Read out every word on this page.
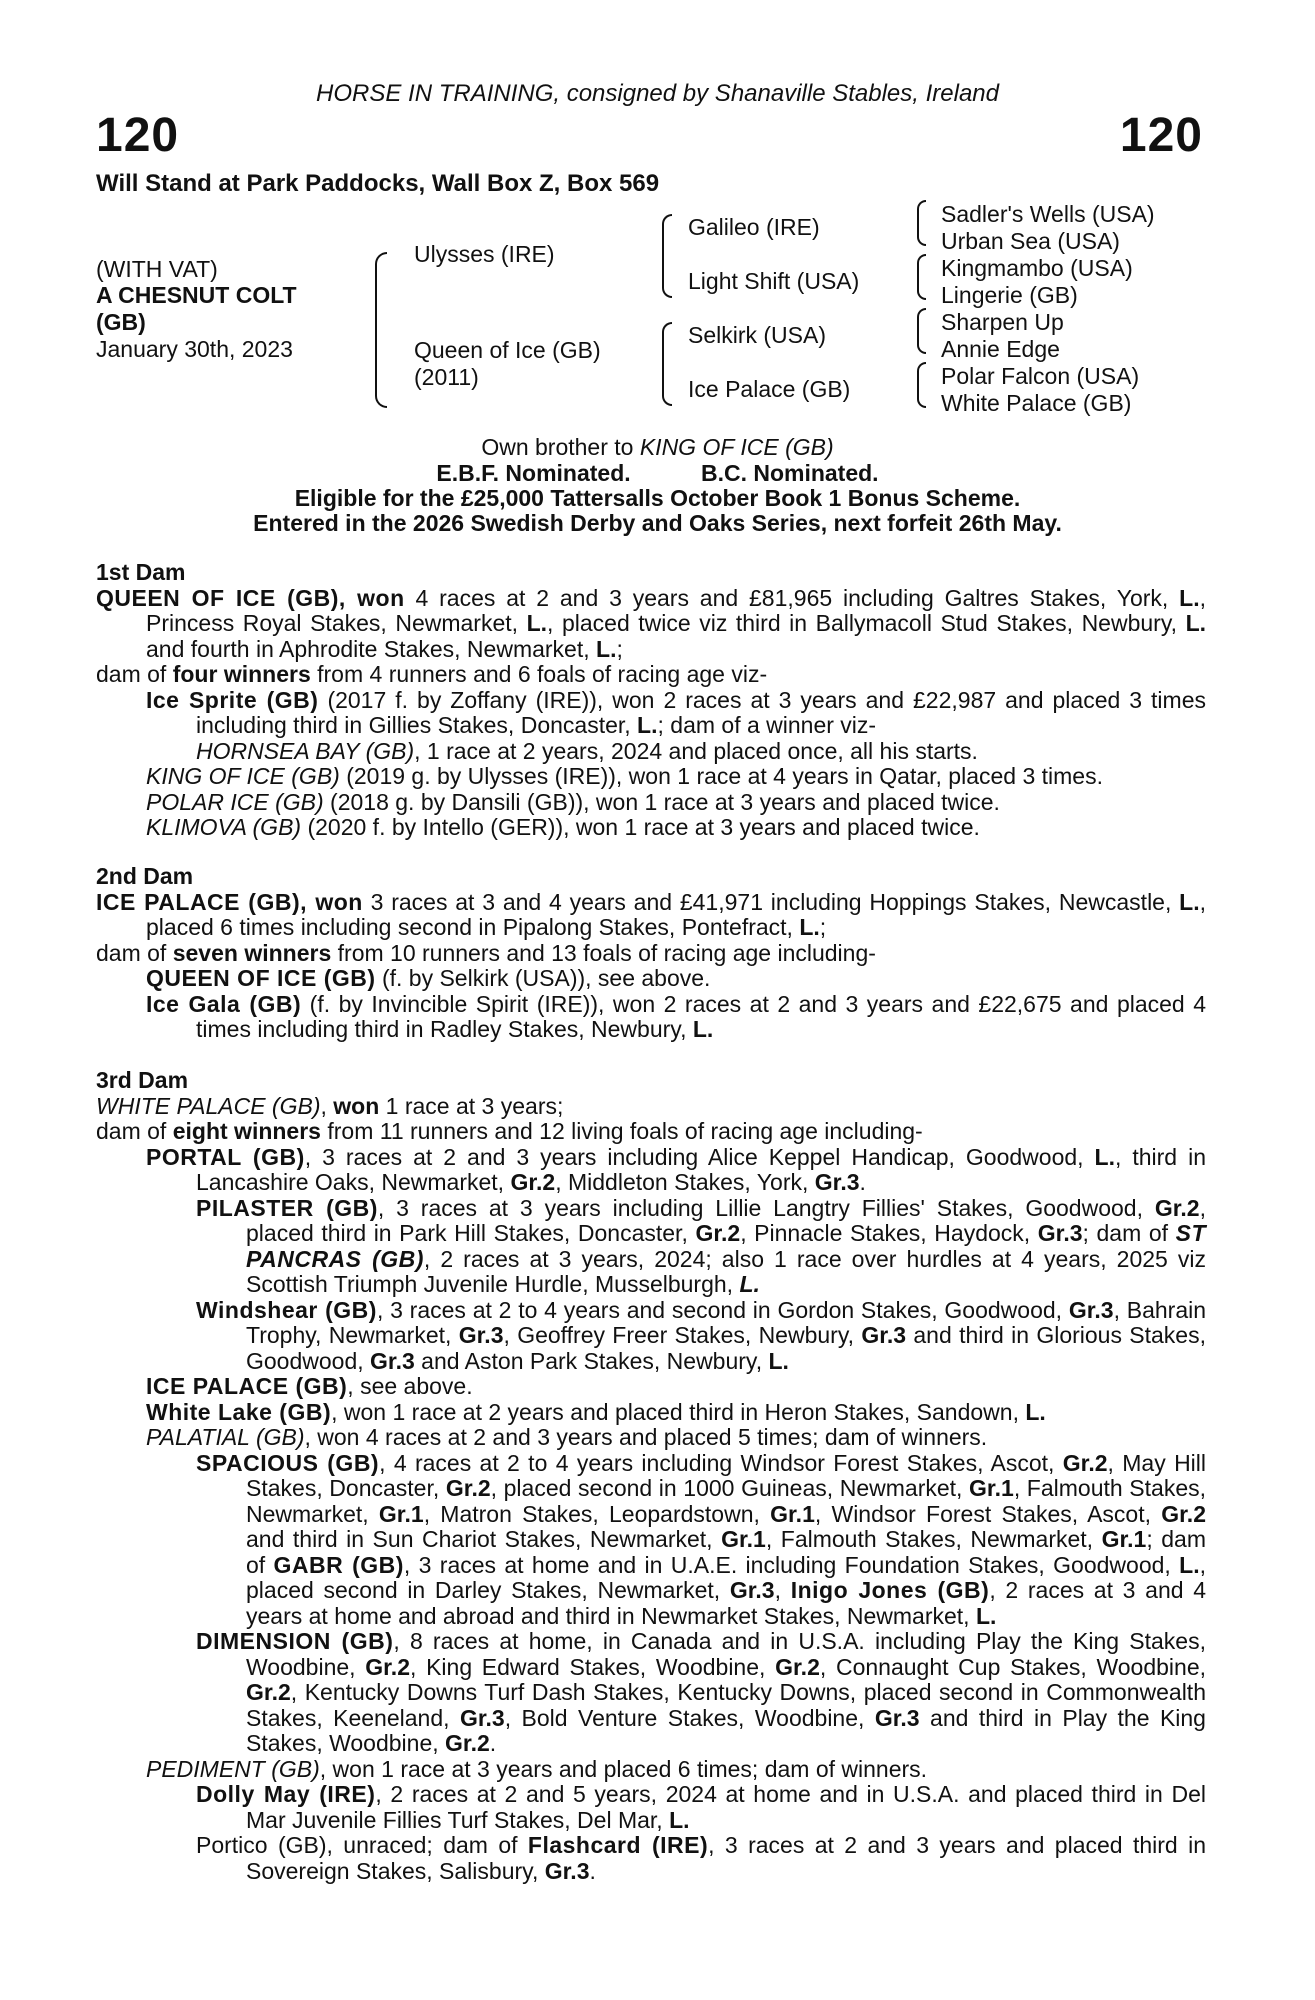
HORSE IN TRAINING, consigned by Shanaville Stables, Ireland
120	120
Will Stand at Park Paddocks, Wall Box Z, Box 569
(WITH VAT)
A CHESNUT COLT
(GB)
January 30th, 2023
Ulysses (IRE)
Queen of Ice (GB)
(2011)
Galileo (IRE)
Light Shift (USA)
Selkirk (USA)
Ice Palace (GB)
Sadler's Wells (USA)
Urban Sea (USA)
Kingmambo (USA)
Lingerie (GB)
Sharpen Up
Annie Edge
Polar Falcon (USA)
White Palace (GB)
Own brother to KING OF ICE (GB)
E.B.F. Nominated.	B.C. Nominated.
Eligible for the £25,000 Tattersalls October Book 1 Bonus Scheme.
Entered in the 2026 Swedish Derby and Oaks Series, next forfeit 26th May.

1st Dam

QUEEN OF ICE (GB), won 4 races at 2 and 3 years and £81,965 including Galtres Stakes, York, L., Princess Royal Stakes, Newmarket, L., placed twice viz third in Ballymacoll Stud Stakes, Newbury, L. and fourth in Aphrodite Stakes, Newmarket, L.;

dam of four winners from 4 runners and 6 foals of racing age viz-

Ice Sprite (GB) (2017 f. by Zoffany (IRE)), won 2 races at 3 years and £22,987 and placed 3 times including third in Gillies Stakes, Doncaster, L.; dam of a winner viz-

HORNSEA BAY (GB), 1 race at 2 years, 2024 and placed once, all his starts.

KING OF ICE (GB) (2019 g. by Ulysses (IRE)), won 1 race at 4 years in Qatar, placed 3 times.

POLAR ICE (GB) (2018 g. by Dansili (GB)), won 1 race at 3 years and placed twice.

KLIMOVA (GB) (2020 f. by Intello (GER)), won 1 race at 3 years and placed twice.

2nd Dam

ICE PALACE (GB), won 3 races at 3 and 4 years and £41,971 including Hoppings Stakes, Newcastle, L., placed 6 times including second in Pipalong Stakes, Pontefract, L.;

dam of seven winners from 10 runners and 13 foals of racing age including-

QUEEN OF ICE (GB) (f. by Selkirk (USA)), see above.

Ice Gala (GB) (f. by Invincible Spirit (IRE)), won 2 races at 2 and 3 years and £22,675 and placed 4 times including third in Radley Stakes, Newbury, L.

3rd Dam

WHITE PALACE (GB), won 1 race at 3 years;

dam of eight winners from 11 runners and 12 living foals of racing age including-

PORTAL (GB), 3 races at 2 and 3 years including Alice Keppel Handicap, Goodwood, L., third in Lancashire Oaks, Newmarket, Gr.2, Middleton Stakes, York, Gr.3.

PILASTER (GB), 3 races at 3 years including Lillie Langtry Fillies' Stakes, Goodwood, Gr.2, placed third in Park Hill Stakes, Doncaster, Gr.2, Pinnacle Stakes, Haydock, Gr.3; dam of ST PANCRAS (GB), 2 races at 3 years, 2024; also 1 race over hurdles at 4 years, 2025 viz Scottish Triumph Juvenile Hurdle, Musselburgh, L.

Windshear (GB), 3 races at 2 to 4 years and second in Gordon Stakes, Goodwood, Gr.3, Bahrain Trophy, Newmarket, Gr.3, Geoffrey Freer Stakes, Newbury, Gr.3 and third in Glorious Stakes, Goodwood, Gr.3 and Aston Park Stakes, Newbury, L.

ICE PALACE (GB), see above.

White Lake (GB), won 1 race at 2 years and placed third in Heron Stakes, Sandown, L.

PALATIAL (GB), won 4 races at 2 and 3 years and placed 5 times; dam of winners.

SPACIOUS (GB), 4 races at 2 to 4 years including Windsor Forest Stakes, Ascot, Gr.2, May Hill Stakes, Doncaster, Gr.2, placed second in 1000 Guineas, Newmarket, Gr.1, Falmouth Stakes, Newmarket, Gr.1, Matron Stakes, Leopardstown, Gr.1, Windsor Forest Stakes, Ascot, Gr.2 and third in Sun Chariot Stakes, Newmarket, Gr.1, Falmouth Stakes, Newmarket, Gr.1; dam of GABR (GB), 3 races at home and in U.A.E. including Foundation Stakes, Goodwood, L., placed second in Darley Stakes, Newmarket, Gr.3, Inigo Jones (GB), 2 races at 3 and 4 years at home and abroad and third in Newmarket Stakes, Newmarket, L.

DIMENSION (GB), 8 races at home, in Canada and in U.S.A. including Play the King Stakes, Woodbine, Gr.2, King Edward Stakes, Woodbine, Gr.2, Connaught Cup Stakes, Woodbine, Gr.2, Kentucky Downs Turf Dash Stakes, Kentucky Downs, placed second in Commonwealth Stakes, Keeneland, Gr.3, Bold Venture Stakes, Woodbine, Gr.3 and third in Play the King Stakes, Woodbine, Gr.2.

PEDIMENT (GB), won 1 race at 3 years and placed 6 times; dam of winners.

Dolly May (IRE), 2 races at 2 and 5 years, 2024 at home and in U.S.A. and placed third in Del Mar Juvenile Fillies Turf Stakes, Del Mar, L.

Portico (GB), unraced; dam of Flashcard (IRE), 3 races at 2 and 3 years and placed third in Sovereign Stakes, Salisbury, Gr.3.
